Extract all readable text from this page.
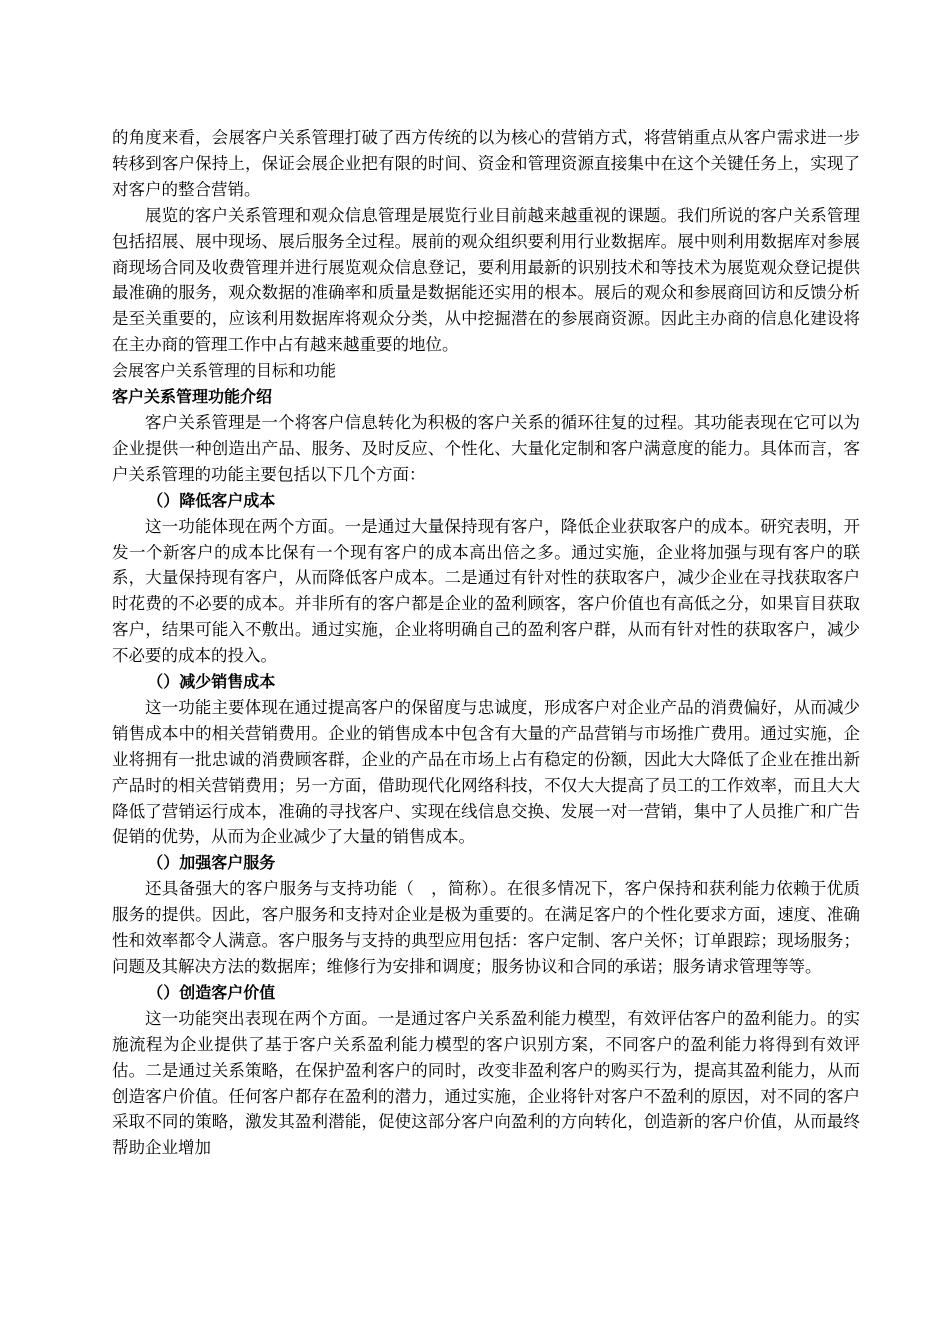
的角度来看，会展客户关系管理打破了西方传统的以为核心的营销方式，将营销重点从客户需求进一步转移到客户保持上，保证会展企业把有限的时间、资金和管理资源直接集中在这个关键任务上，实现了对客户的整合营销。

展览的客户关系管理和观众信息管理是展览行业目前越来越重视的课题。我们所说的客户关系管理包括招展、展中现场、展后服务全过程。展前的观众组织要利用行业数据库。展中则利用数据库对参展商现场合同及收费管理并进行展览观众信息登记，要利用最新的识别技术和等技术为展览观众登记提供最准确的服务，观众数据的准确率和质量是数据能还实用的根本。展后的观众和参展商回访和反馈分析是至关重要的，应该利用数据库将观众分类，从中挖掘潜在的参展商资源。因此主办商的信息化建设将在主办商的管理工作中占有越来越重要的地位。

会展客户关系管理的目标和功能

客户关系管理功能介绍

客户关系管理是一个将客户信息转化为积极的客户关系的循环往复的过程。其功能表现在它可以为企业提供一种创造出产品、服务、及时反应、个性化、大量化定制和客户满意度的能力。具体而言，客户关系管理的功能主要包括以下几个方面：

（）降低客户成本

这一功能体现在两个方面。一是通过大量保持现有客户，降低企业获取客户的成本。研究表明，开发一个新客户的成本比保有一个现有客户的成本高出倍之多。通过实施，企业将加强与现有客户的联系，大量保持现有客户，从而降低客户成本。二是通过有针对性的获取客户，减少企业在寻找获取客户时花费的不必要的成本。并非所有的客户都是企业的盈利顾客，客户价值也有高低之分，如果盲目获取客户，结果可能入不敷出。通过实施，企业将明确自己的盈利客户群，从而有针对性的获取客户，减少不必要的成本的投入。

（）减少销售成本

这一功能主要体现在通过提高客户的保留度与忠诚度，形成客户对企业产品的消费偏好，从而减少销售成本中的相关营销费用。企业的销售成本中包含有大量的产品营销与市场推广费用。通过实施，企业将拥有一批忠诚的消费顾客群，企业的产品在市场上占有稳定的份额，因此大大降低了企业在推出新产品时的相关营销费用；另一方面，借助现代化网络科技，不仅大大提高了员工的工作效率，而且大大降低了营销运行成本，准确的寻找客户、实现在线信息交换、发展一对一营销，集中了人员推广和广告促销的优势，从而为企业减少了大量的销售成本。

（）加强客户服务

还具备强大的客户服务与支持功能（　，简称）。在很多情况下，客户保持和获利能力依赖于优质服务的提供。因此，客户服务和支持对企业是极为重要的。在满足客户的个性化要求方面，速度、准确性和效率都令人满意。客户服务与支持的典型应用包括：客户定制、客户关怀；订单跟踪；现场服务；问题及其解决方法的数据库；维修行为安排和调度；服务协议和合同的承诺；服务请求管理等等。

（）创造客户价值

这一功能突出表现在两个方面。一是通过客户关系盈利能力模型，有效评估客户的盈利能力。的实施流程为企业提供了基于客户关系盈利能力模型的客户识别方案，不同客户的盈利能力将得到有效评估。二是通过关系策略，在保护盈利客户的同时，改变非盈利客户的购买行为，提高其盈利能力，从而创造客户价值。任何客户都存在盈利的潜力，通过实施，企业将针对客户不盈利的原因，对不同的客户采取不同的策略，激发其盈利潜能，促使这部分客户向盈利的方向转化，创造新的客户价值，从而最终帮助企业增加
